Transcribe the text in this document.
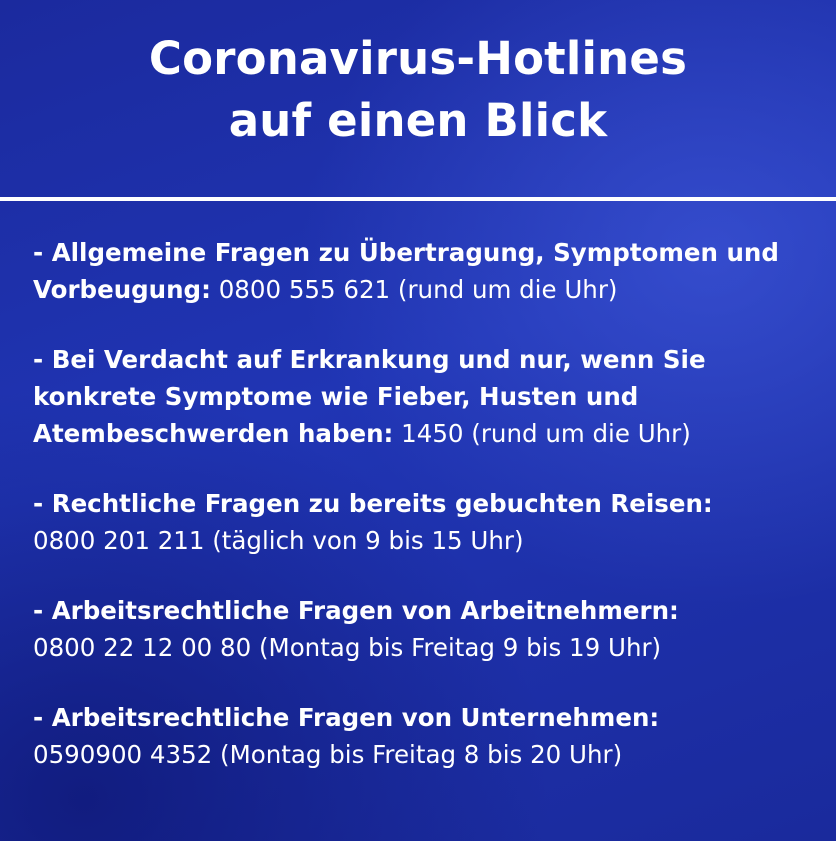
Coronavirus-Hotlines
auf einen Blick
- Allgemeine Fragen zu Übertragung, Symptomen und Vorbeugung: 0800 555 621 (rund um die Uhr)
- Bei Verdacht auf Erkrankung und nur, wenn Sie konkrete Symptome wie Fieber, Husten und Atembeschwerden haben: 1450 (rund um die Uhr)
- Rechtliche Fragen zu bereits gebuchten Reisen:
0800 201 211 (täglich von 9 bis 15 Uhr)
- Arbeitsrechtliche Fragen von Arbeitnehmern:
0800 22 12 00 80 (Montag bis Freitag 9 bis 19 Uhr)
- Arbeitsrechtliche Fragen von Unternehmen:
0590900 4352 (Montag bis Freitag 8 bis 20 Uhr)
